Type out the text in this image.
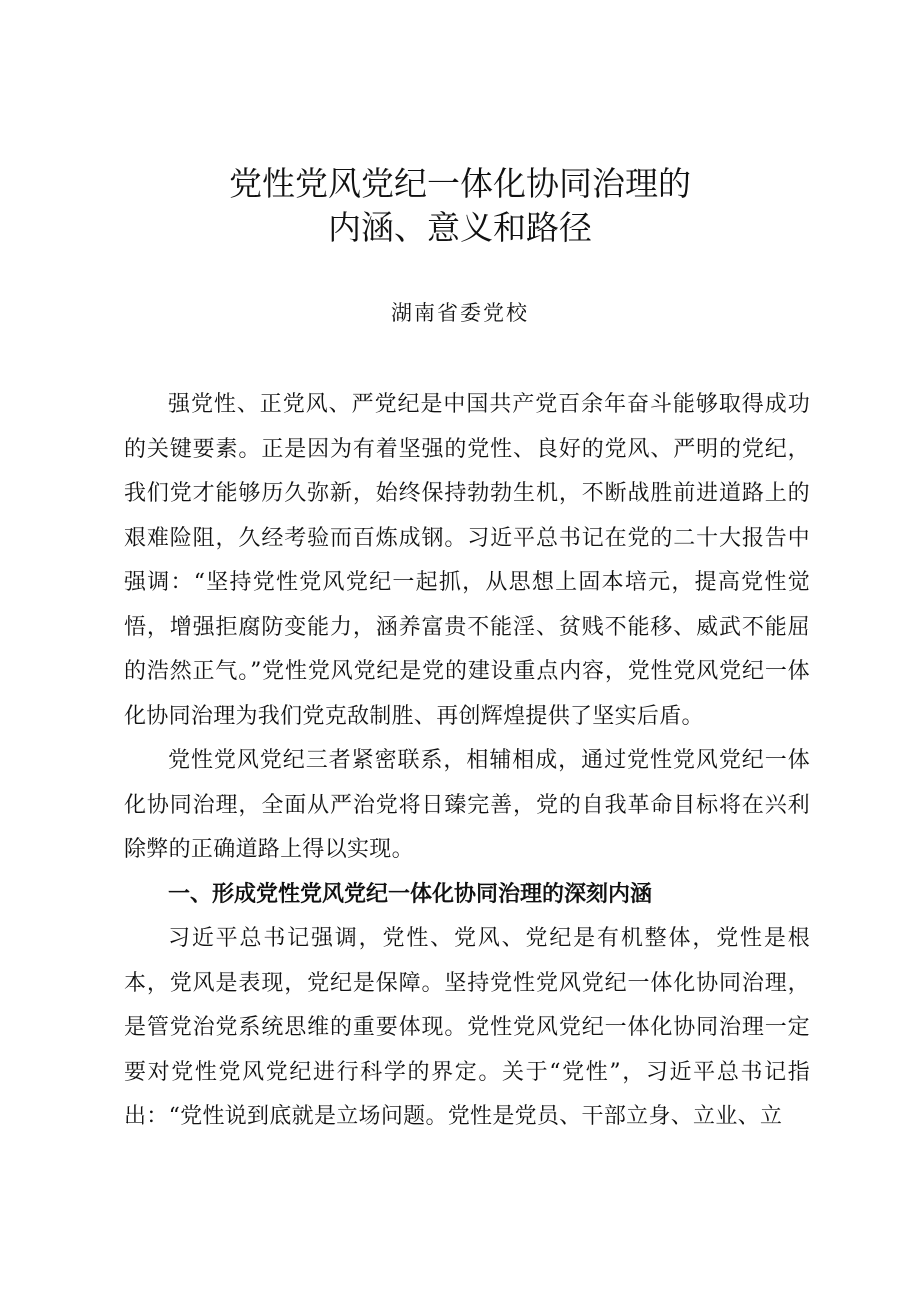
党性党风党纪一体化协同治理的
内涵、意义和路径
湖南省委党校

强党性、正党风、严党纪是中国共产党百余年奋斗能够取得成功的关键要素。正是因为有着坚强的党性、良好的党风、严明的党纪，我们党才能够历久弥新，始终保持勃勃生机，不断战胜前进道路上的艰难险阻，久经考验而百炼成钢。习近平总书记在党的二十大报告中强调：“坚持党性党风党纪一起抓，从思想上固本培元，提高党性觉悟，增强拒腐防变能力，涵养富贵不能淫、贫贱不能移、威武不能屈的浩然正气。”党性党风党纪是党的建设重点内容，党性党风党纪一体化协同治理为我们党克敌制胜、再创辉煌提供了坚实后盾。

党性党风党纪三者紧密联系，相辅相成，通过党性党风党纪一体化协同治理，全面从严治党将日臻完善，党的自我革命目标将在兴利除弊的正确道路上得以实现。

一、形成党性党风党纪一体化协同治理的深刻内涵

习近平总书记强调，党性、党风、党纪是有机整体，党性是根本，党风是表现，党纪是保障。坚持党性党风党纪一体化协同治理，是管党治党系统思维的重要体现。党性党风党纪一体化协同治理一定要对党性党风党纪进行科学的界定。关于“党性”，习近平总书记指出：“党性说到底就是立场问题。党性是党员、干部立身、立业、立
